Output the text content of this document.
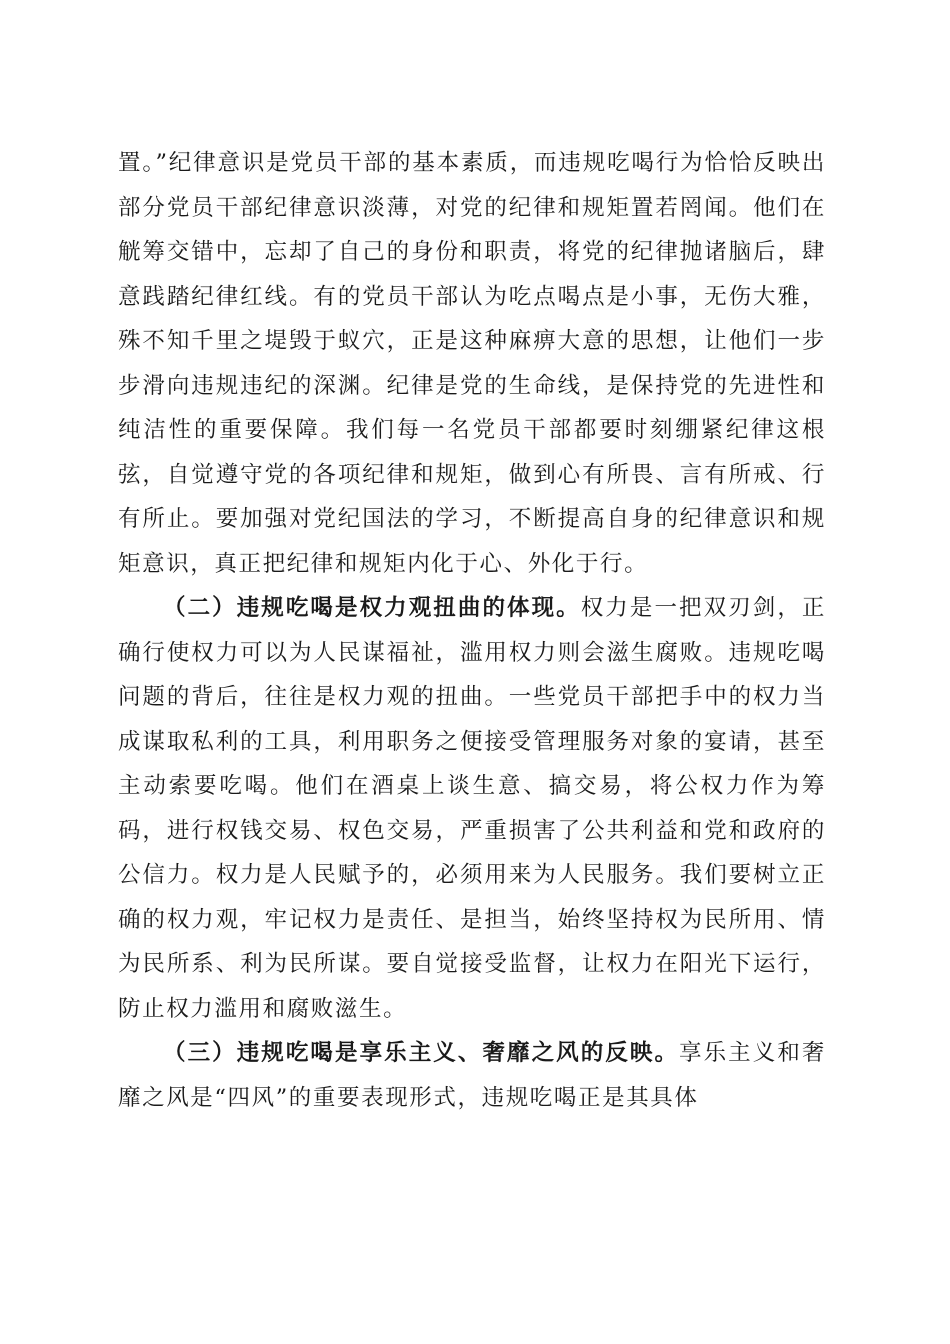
置。”纪律意识是党员干部的基本素质，而违规吃喝行为恰恰反映出部分党员干部纪律意识淡薄，对党的纪律和规矩置若罔闻。他们在觥筹交错中，忘却了自己的身份和职责，将党的纪律抛诸脑后，肆意践踏纪律红线。有的党员干部认为吃点喝点是小事，无伤大雅，殊不知千里之堤毁于蚁穴，正是这种麻痹大意的思想，让他们一步步滑向违规违纪的深渊。纪律是党的生命线，是保持党的先进性和纯洁性的重要保障。我们每一名党员干部都要时刻绷紧纪律这根弦，自觉遵守党的各项纪律和规矩，做到心有所畏、言有所戒、行有所止。要加强对党纪国法的学习，不断提高自身的纪律意识和规矩意识，真正把纪律和规矩内化于心、外化于行。

（二）违规吃喝是权力观扭曲的体现。权力是一把双刃剑，正确行使权力可以为人民谋福祉，滥用权力则会滋生腐败。违规吃喝问题的背后，往往是权力观的扭曲。一些党员干部把手中的权力当成谋取私利的工具，利用职务之便接受管理服务对象的宴请，甚至主动索要吃喝。他们在酒桌上谈生意、搞交易，将公权力作为筹码，进行权钱交易、权色交易，严重损害了公共利益和党和政府的公信力。权力是人民赋予的，必须用来为人民服务。我们要树立正确的权力观，牢记权力是责任、是担当，始终坚持权为民所用、情为民所系、利为民所谋。要自觉接受监督，让权力在阳光下运行，防止权力滥用和腐败滋生。

（三）违规吃喝是享乐主义、奢靡之风的反映。享乐主义和奢靡之风是“四风”的重要表现形式，违规吃喝正是其具体
